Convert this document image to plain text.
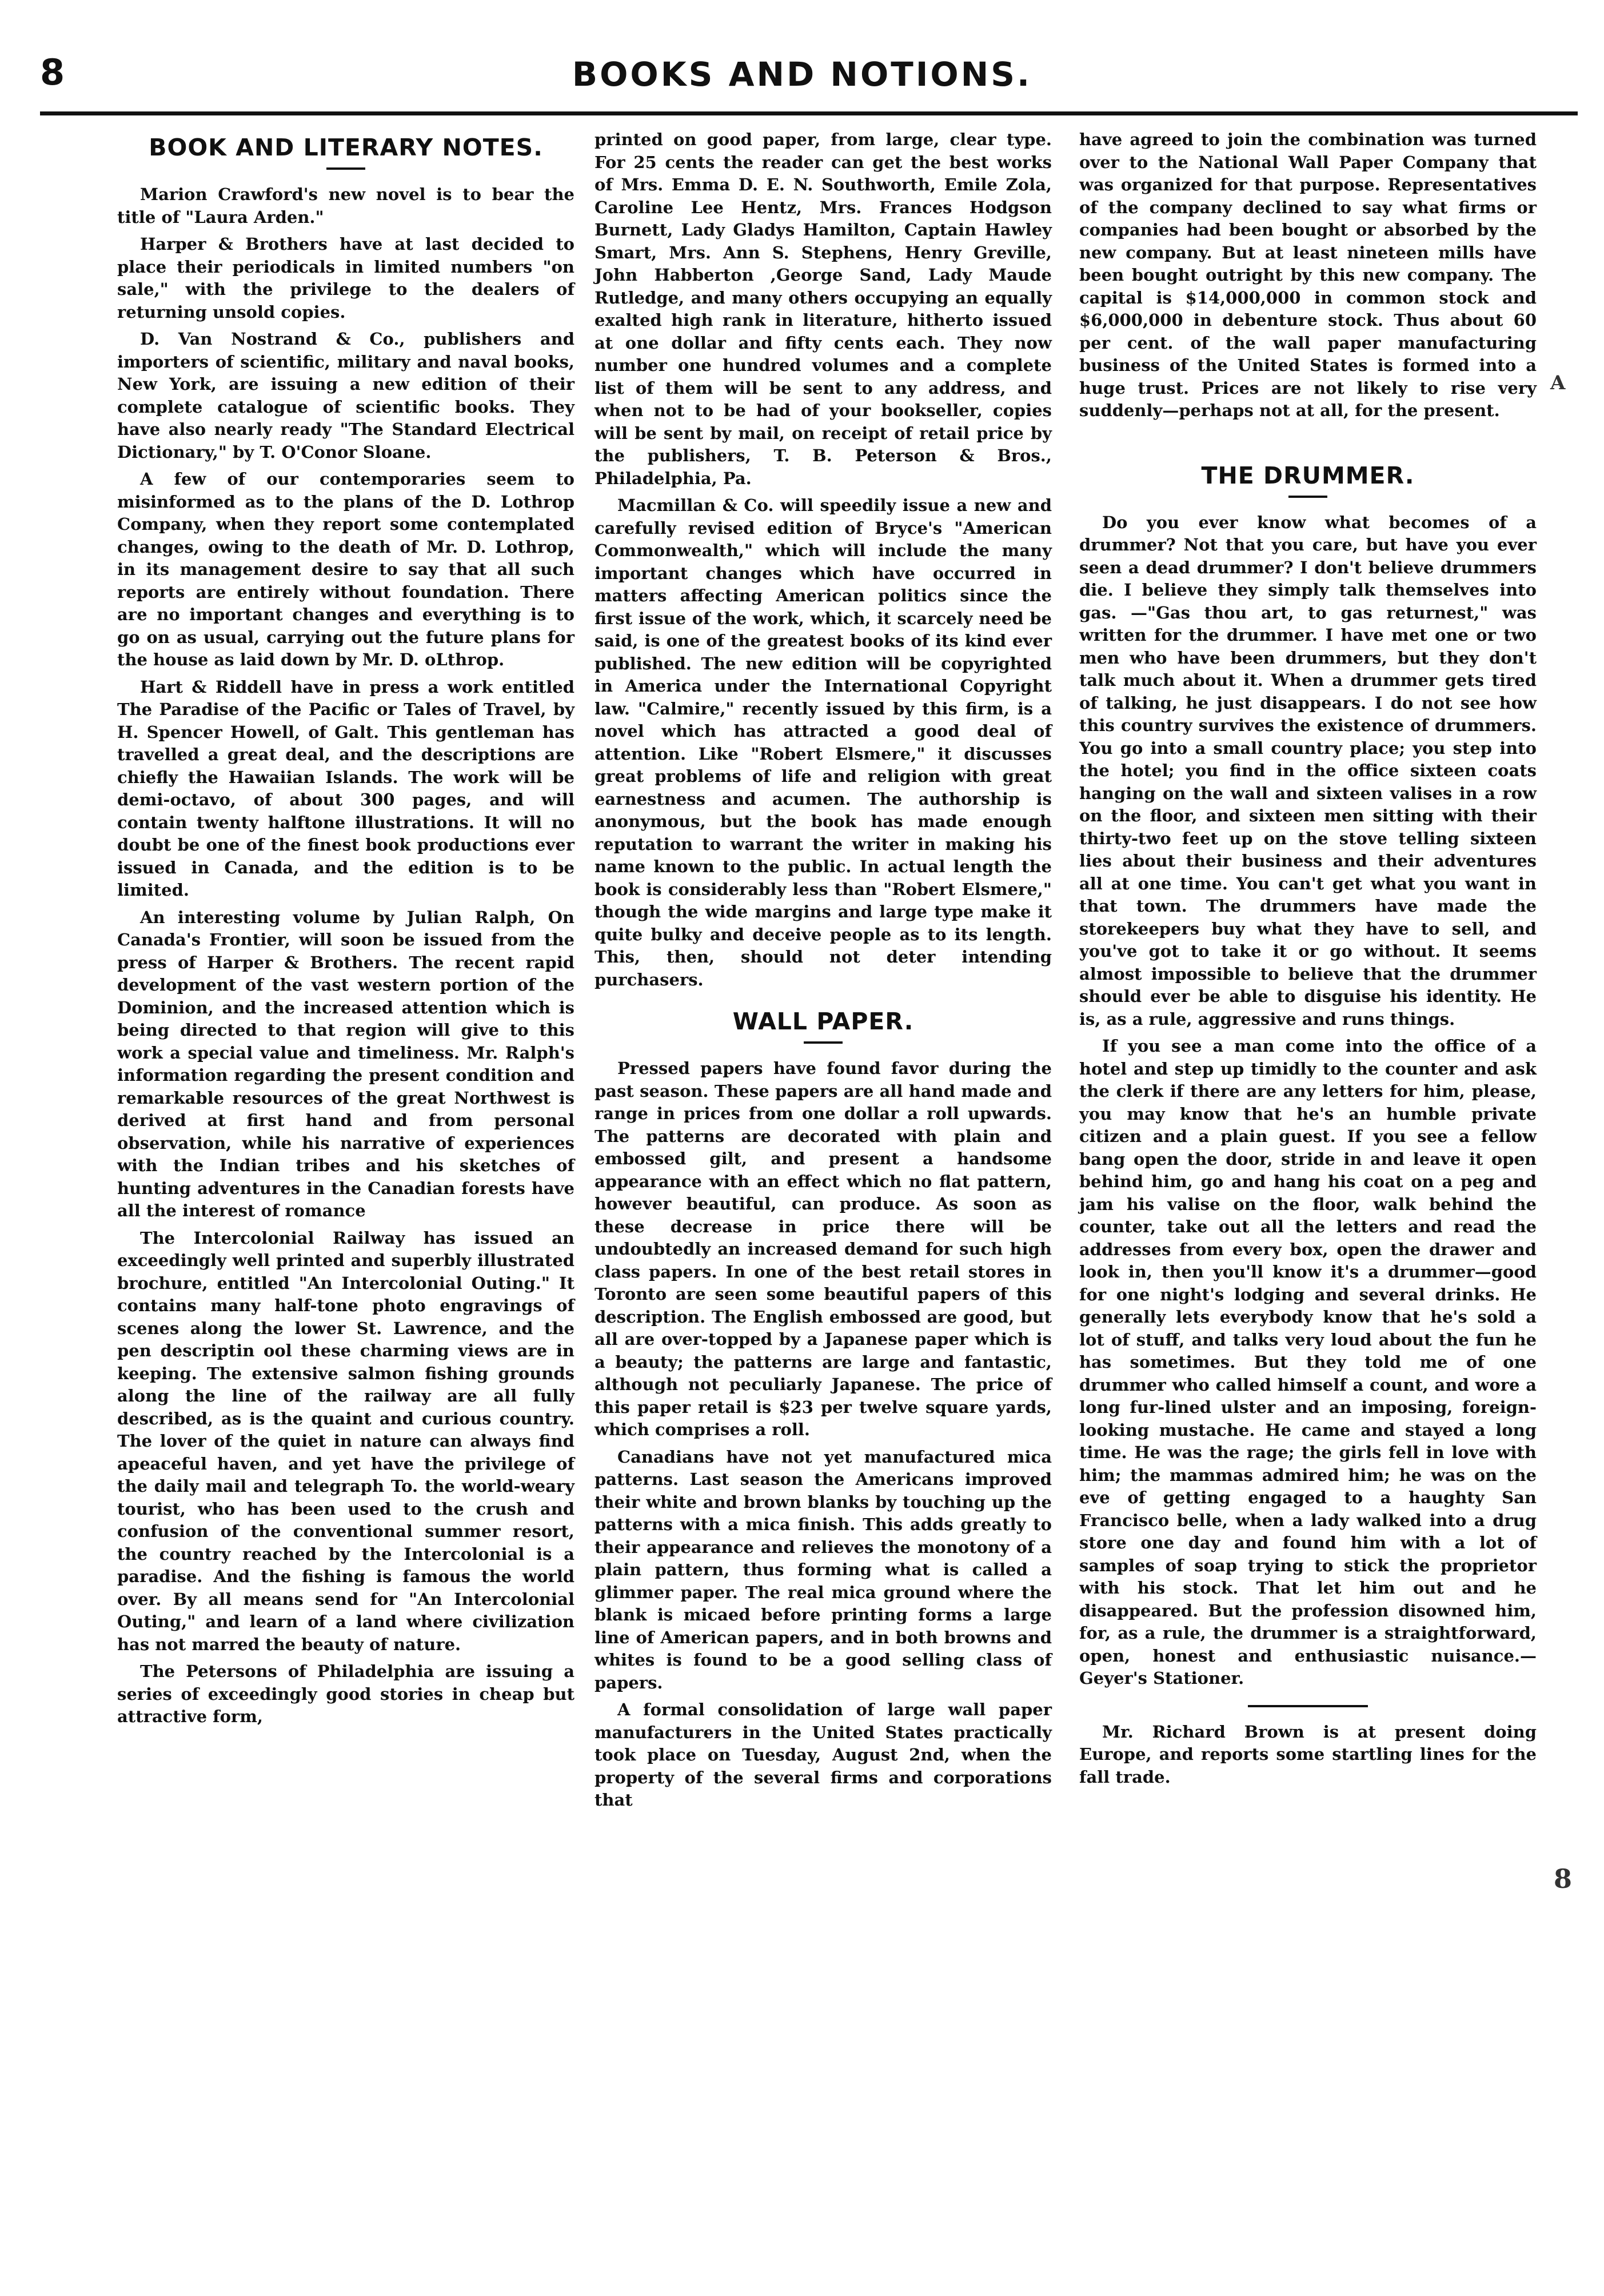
8	BOOKS AND NOTIONS.
BOOK AND LITERARY NOTES.

Marion Crawford's new novel is to bear the title of "Laura Arden."

Harper & Brothers have at last decided to place their periodicals in limited numbers "on sale," with the privilege to the dealers of returning unsold copies.

D. Van Nostrand & Co., publishers and importers of scientific, military and naval books, New York, are issuing a new edition of their complete catalogue of scientific books. They have also nearly ready "The Standard Electrical Dictionary," by T. O'Conor Sloane.

A few of our contemporaries seem to misinformed as to the plans of the D. Lothrop Company, when they report some contemplated changes, owing to the death of Mr. D. Lothrop, in its management desire to say that all such reports are entirely without foundation. There are no important changes and everything is to go on as usual, carrying out the future plans for the house as laid down by Mr. D. oLthrop.

Hart & Riddell have in press a work entitled The Paradise of the Pacific or Tales of Travel, by H. Spencer Howell, of Galt. This gentleman has travelled a great deal, and the descriptions are chiefly the Hawaiian Islands. The work will be demi-octavo, of about 300 pages, and will contain twenty halftone illustrations. It will no doubt be one of the finest book productions ever issued in Canada, and the edition is to be limited.

An interesting volume by Julian Ralph, On Canada's Frontier, will soon be issued from the press of Harper & Brothers. The recent rapid development of the vast western portion of the Dominion, and the increased attention which is being directed to that region will give to this work a special value and timeliness. Mr. Ralph's information regarding the present condition and remarkable resources of the great Northwest is derived at first hand and from personal observation, while his narrative of experiences with the Indian tribes and his sketches of hunting adventures in the Canadian forests have all the interest of romance

The Intercolonial Railway has issued an exceedingly well printed and superbly illustrated brochure, entitled "An Intercolonial Outing." It contains many half-tone photo engravings of scenes along the lower St. Lawrence, and the pen descriptin ool these charming views are in keeping. The extensive salmon fishing grounds along the line of the railway are all fully described, as is the quaint and curious country. The lover of the quiet in nature can always find apeaceful haven, and yet have the privilege of the daily mail and telegraph To. the world-weary tourist, who has been used to the crush and confusion of the conventional summer resort, the country reached by the Intercolonial is a paradise. And the fishing is famous the world over. By all means send for "An Intercolonial Outing," and learn of a land where civilization has not marred the beauty of nature.

The Petersons of Philadelphia are issuing a series of exceedingly good stories in cheap but attractive form,

printed on good paper, from large, clear type. For 25 cents the reader can get the best works of Mrs. Emma D. E. N. Southworth, Emile Zola, Caroline Lee Hentz, Mrs. Frances Hodgson Burnett, Lady Gladys Hamilton, Captain Hawley Smart, Mrs. Ann S. Stephens, Henry Greville, John Habberton ,George Sand, Lady Maude Rutledge, and many others occupying an equally exalted high rank in literature, hitherto issued at one dollar and fifty cents each. They now number one hundred volumes and a complete list of them will be sent to any address, and when not to be had of your bookseller, copies will be sent by mail, on receipt of retail price by the publishers, T. B. Peterson & Bros., Philadelphia, Pa.

Macmillan & Co. will speedily issue a new and carefully revised edition of Bryce's "American Commonwealth," which will include the many important changes which have occurred in matters affecting American politics since the first issue of the work, which, it scarcely need be said, is one of the greatest books of its kind ever published. The new edition will be copyrighted in America under the International Copyright law. "Calmire," recently issued by this firm, is a novel which has attracted a good deal of attention. Like "Robert Elsmere," it discusses great problems of life and religion with great earnestness and acumen. The authorship is anonymous, but the book has made enough reputation to warrant the writer in making his name known to the public. In actual length the book is considerably less than "Robert Elsmere," though the wide margins and large type make it quite bulky and deceive people as to its length. This, then, should not deter intending purchasers.

WALL PAPER.

Pressed papers have found favor during the past season. These papers are all hand made and range in prices from one dollar a roll upwards. The patterns are decorated with plain and embossed gilt, and present a handsome appearance with an effect which no flat pattern, however beautiful, can produce. As soon as these decrease in price there will be undoubtedly an increased demand for such high class papers. In one of the best retail stores in Toronto are seen some beautiful papers of this description. The English embossed are good, but all are over-topped by a Japanese paper which is a beauty; the patterns are large and fantastic, although not peculiarly Japanese. The price of this paper retail is $23 per twelve square yards, which comprises a roll.

Canadians have not yet manufactured mica patterns. Last season the Americans improved their white and brown blanks by touching up the patterns with a mica finish. This adds greatly to their appearance and relieves the monotony of a plain pattern, thus forming what is called a glimmer paper. The real mica ground where the blank is micaed before printing forms a large line of American papers, and in both browns and whites is found to be a good selling class of papers.

A formal consolidation of large wall paper manufacturers in the United States practically took place on Tuesday, August 2nd, when the property of the several firms and corporations that

have agreed to join the combination was turned over to the National Wall Paper Company that was organized for that purpose. Representatives of the company declined to say what firms or companies had been bought or absorbed by the new company. But at least nineteen mills have been bought outright by this new company. The capital is $14,000,000 in common stock and $6,000,000 in debenture stock. Thus about 60 per cent. of the wall paper manufacturing business of the United States is formed into a huge trust. Prices are not likely to rise very suddenly—perhaps not at all, for the present.

THE DRUMMER.

Do you ever know what becomes of a drummer? Not that you care, but have you ever seen a dead drummer? I don't believe drummers die. I believe they simply talk themselves into gas. —"Gas thou art, to gas returnest," was written for the drummer. I have met one or two men who have been drummers, but they don't talk much about it. When a drummer gets tired of talking, he just disappears. I do not see how this country survives the existence of drummers. You go into a small country place; you step into the hotel; you find in the office sixteen coats hanging on the wall and sixteen valises in a row on the floor, and sixteen men sitting with their thirty-two feet up on the stove telling sixteen lies about their business and their adventures all at one time. You can't get what you want in that town. The drummers have made the storekeepers buy what they have to sell, and you've got to take it or go without. It seems almost impossible to believe that the drummer should ever be able to disguise his identity. He is, as a rule, aggressive and runs things.

If you see a man come into the office of a hotel and step up timidly to the counter and ask the clerk if there are any letters for him, please, you may know that he's an humble private citizen and a plain guest. If you see a fellow bang open the door, stride in and leave it open behind him, go and hang his coat on a peg and jam his valise on the floor, walk behind the counter, take out all the letters and read the addresses from every box, open the drawer and look in, then you'll know it's a drummer—good for one night's lodging and several drinks. He generally lets everybody know that he's sold a lot of stuff, and talks very loud about the fun he has sometimes. But they told me of one drummer who called himself a count, and wore a long fur-lined ulster and an imposing, foreign-looking mustache. He came and stayed a long time. He was the rage; the girls fell in love with him; the mammas admired him; he was on the eve of getting engaged to a haughty San Francisco belle, when a lady walked into a drug store one day and found him with a lot of samples of soap trying to stick the proprietor with his stock. That let him out and he disappeared. But the profession disowned him, for, as a rule, the drummer is a straightforward, open, honest and enthusiastic nuisance.—Geyer's Stationer.

Mr. Richard Brown is at present doing Europe, and reports some startling lines for the fall trade.

A
8
